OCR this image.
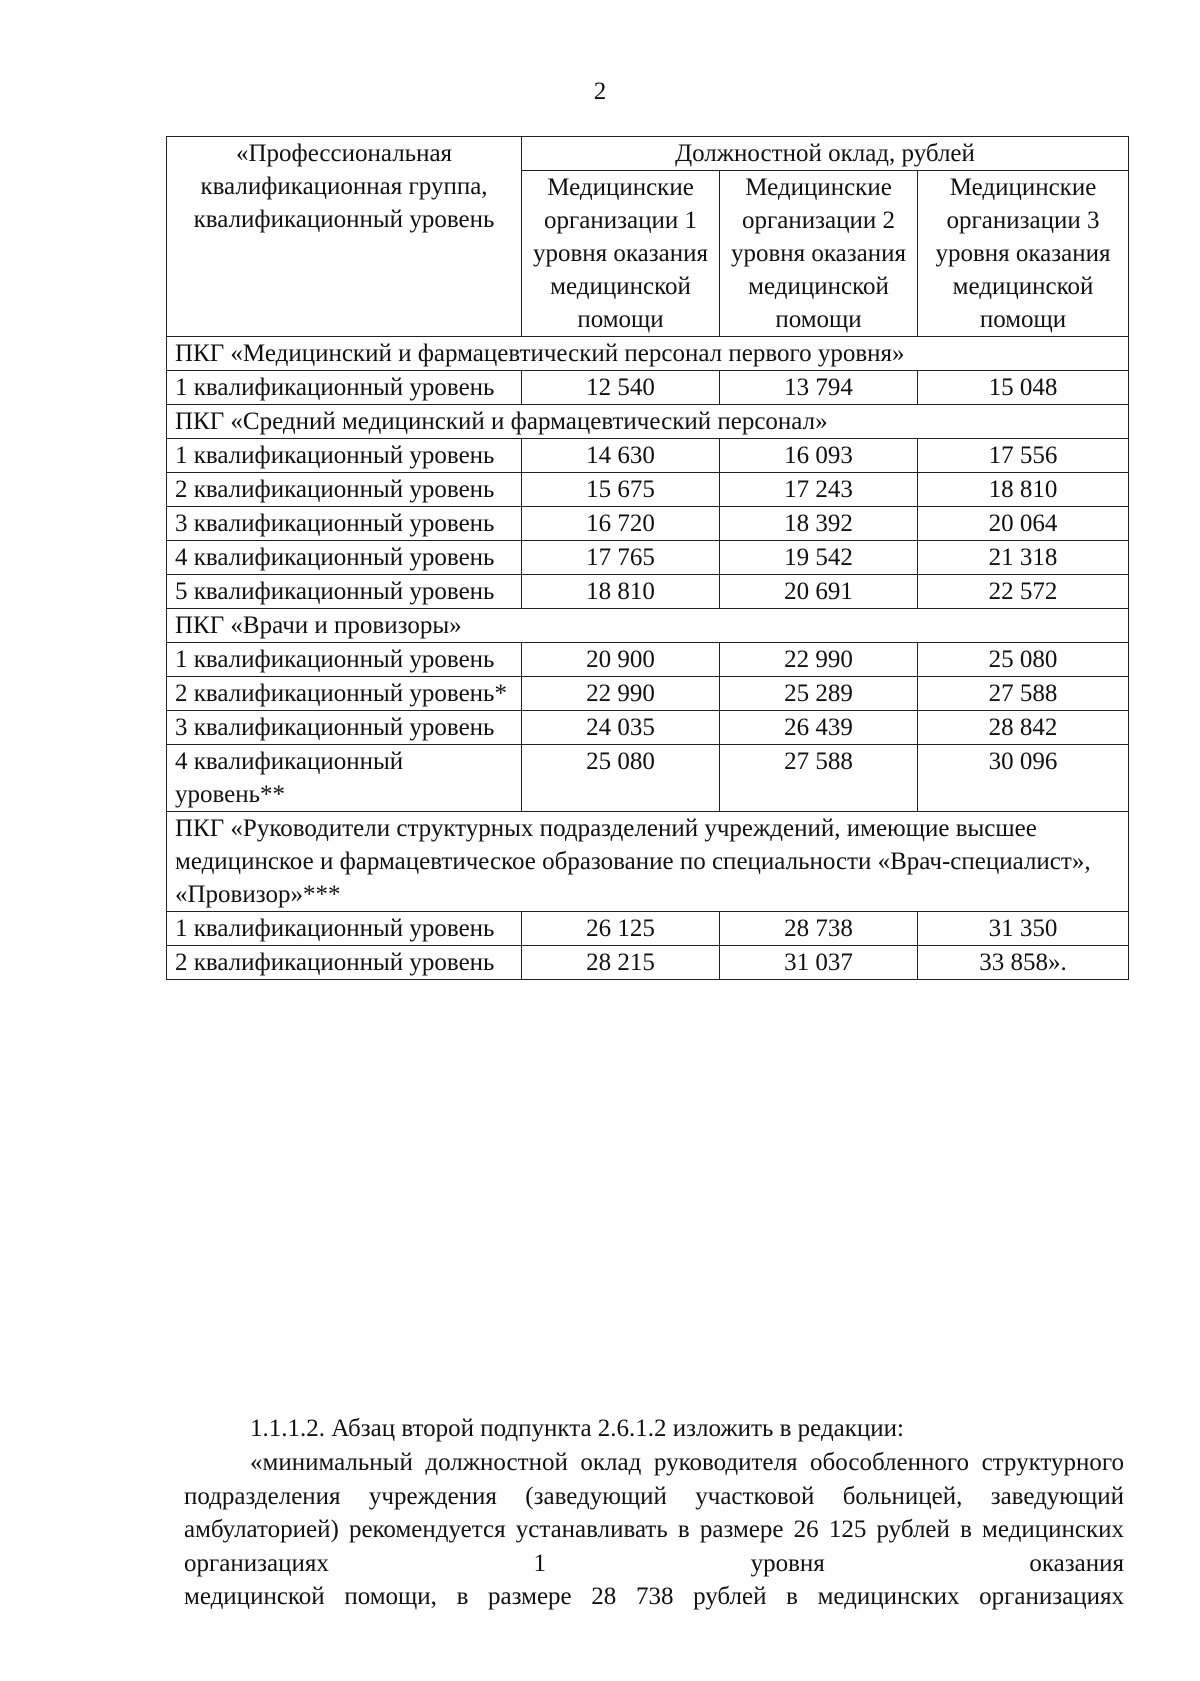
2
«Профессиональная квалификационная группа, квалификационный уровень	Должностной оклад, рублей		
	Медицинские организации 1 уровня оказания медицинской помощи	Медицинские организации 2 уровня оказания медицинской помощи	Медицинские организации 3 уровня оказания медицинской помощи
ПКГ «Медицинский и фармацевтический персонал первого уровня»			
1 квалификационный уровень	12 540	13 794	15 048
ПКГ «Средний медицинский и фармацевтический персонал»			
1 квалификационный уровень	14 630	16 093	17 556
2 квалификационный уровень	15 675	17 243	18 810
3 квалификационный уровень	16 720	18 392	20 064
4 квалификационный уровень	17 765	19 542	21 318
5 квалификационный уровень	18 810	20 691	22 572
ПКГ «Врачи и провизоры»			
1 квалификационный уровень	20 900	22 990	25 080
2 квалификационный уровень*	22 990	25 289	27 588
3 квалификационный уровень	24 035	26 439	28 842
4 квалификационный уровень**	25 080	27 588	30 096
ПКГ «Руководители структурных подразделений учреждений, имеющие высшее медицинское и фармацевтическое образование по специальности «Врач-специалист», «Провизор»***			
1 квалификационный уровень	26 125	28 738	31 350
2 квалификационный уровень	28 215	31 037	33 858».
1.1.1.2. Абзац второй подпункта 2.6.1.2 изложить в редакции:
«минимальный должностной оклад руководителя обособленного структурного подразделения учреждения (заведующий участковой больницей, заведующий амбулаторией) рекомендуется устанавливать в размере 26 125 рублей в медицинских организациях 1 уровня оказания
медицинской помощи, в размере 28 738 рублей в медицинских организациях
